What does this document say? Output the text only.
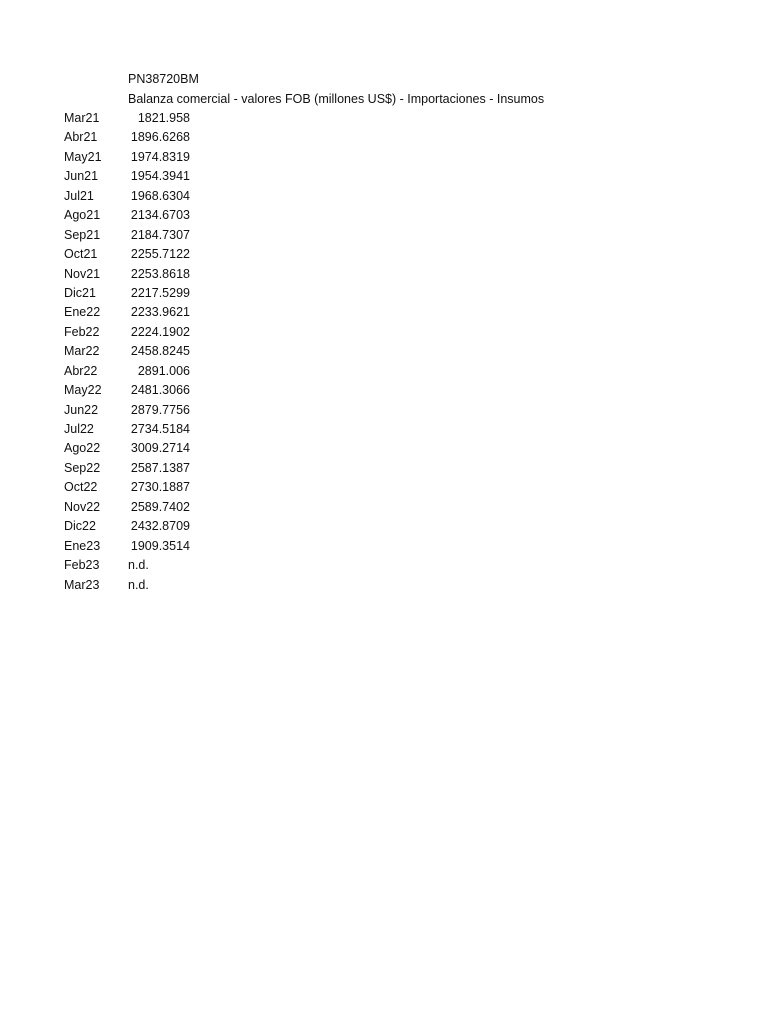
PN38720BM
Balanza comercial - valores FOB (millones US$) - Importaciones - Insumos
Mar21	1821.958
Abr21	1896.6268
May21	1974.8319
Jun21	1954.3941
Jul21	1968.6304
Ago21	2134.6703
Sep21	2184.7307
Oct21	2255.7122
Nov21	2253.8618
Dic21	2217.5299
Ene22	2233.9621
Feb22	2224.1902
Mar22	2458.8245
Abr22	2891.006
May22	2481.3066
Jun22	2879.7756
Jul22	2734.5184
Ago22	3009.2714
Sep22	2587.1387
Oct22	2730.1887
Nov22	2589.7402
Dic22	2432.8709
Ene23	1909.3514
Feb23	n.d.
Mar23	n.d.
